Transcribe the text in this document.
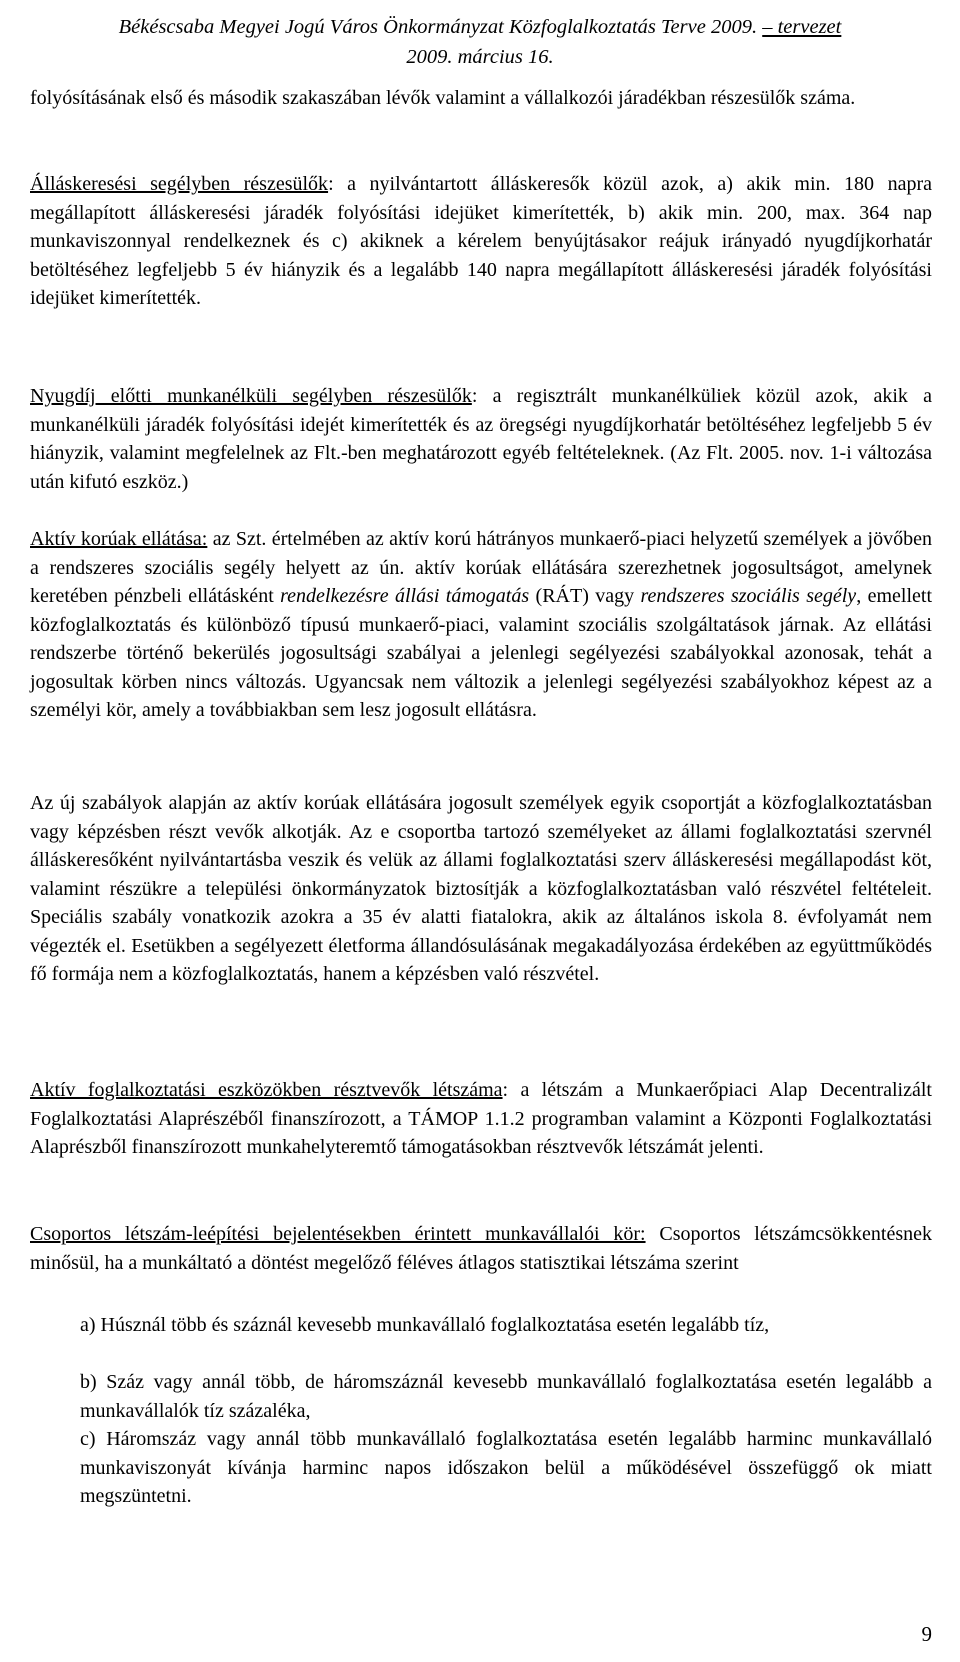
Békéscsaba Megyei Jogú Város Önkormányzat Közfoglalkoztatás Terve 2009. – tervezet
2009. március 16.

folyósításának első és második szakaszában lévők valamint a vállalkozói járadékban részesülők száma.

Álláskeresési segélyben részesülők: a nyilvántartott álláskeresők közül azok, a) akik min. 180 napra megállapított álláskeresési járadék folyósítási idejüket kimerítették, b) akik min. 200, max. 364 nap munkaviszonnyal rendelkeznek és c) akiknek a kérelem benyújtásakor reájuk irányadó nyugdíjkorhatár betöltéséhez legfeljebb 5 év hiányzik és a legalább 140 napra megállapított álláskeresési járadék folyósítási idejüket kimerítették.

Nyugdíj előtti munkanélküli segélyben részesülők: a regisztrált munkanélküliek közül azok, akik a munkanélküli járadék folyósítási idejét kimerítették és az öregségi nyugdíjkorhatár betöltéséhez legfeljebb 5 év hiányzik, valamint megfelelnek az Flt.-ben meghatározott egyéb feltételeknek. (Az Flt. 2005. nov. 1-i változása után kifutó eszköz.)

Aktív korúak ellátása: az Szt. értelmében az aktív korú hátrányos munkaerő-piaci helyzetű személyek a jövőben a rendszeres szociális segély helyett az ún. aktív korúak ellátására szerezhetnek jogosultságot, amelynek keretében pénzbeli ellátásként rendelkezésre állási támogatás (RÁT) vagy rendszeres szociális segély, emellett közfoglalkoztatás és különböző típusú munkaerő-piaci, valamint szociális szolgáltatások járnak. Az ellátási rendszerbe történő bekerülés jogosultsági szabályai a jelenlegi segélyezési szabályokkal azonosak, tehát a jogosultak körben nincs változás. Ugyancsak nem változik a jelenlegi segélyezési szabályokhoz képest az a személyi kör, amely a továbbiakban sem lesz jogosult ellátásra.

Az új szabályok alapján az aktív korúak ellátására jogosult személyek egyik csoportját a közfoglalkoztatásban vagy képzésben részt vevők alkotják. Az e csoportba tartozó személyeket az állami foglalkoztatási szervnél álláskeresőként nyilvántartásba veszik és velük az állami foglalkoztatási szerv álláskeresési megállapodást köt, valamint részükre a települési önkormányzatok biztosítják a közfoglalkoztatásban való részvétel feltételeit. Speciális szabály vonatkozik azokra a 35 év alatti fiatalokra, akik az általános iskola 8. évfolyamát nem végezték el. Esetükben a segélyezett életforma állandósulásának megakadályozása érdekében az együttműködés fő formája nem a közfoglalkoztatás, hanem a képzésben való részvétel.

Aktív foglalkoztatási eszközökben résztvevők létszáma: a létszám a Munkaerőpiaci Alap Decentralizált Foglalkoztatási Alaprészéből finanszírozott, a TÁMOP 1.1.2 programban valamint a Központi Foglalkoztatási Alaprészből finanszírozott munkahelyteremtő támogatásokban résztvevők létszámát jelenti.

Csoportos létszám-leépítési bejelentésekben érintett munkavállalói kör: Csoportos létszámcsökkentésnek minősül, ha a munkáltató a döntést megelőző féléves átlagos statisztikai létszáma szerint

a) Húsznál több és száznál kevesebb munkavállaló foglalkoztatása esetén legalább tíz,

b) Száz vagy annál több, de háromszáznál kevesebb munkavállaló foglalkoztatása esetén legalább a munkavállalók tíz százaléka,

c) Háromszáz vagy annál több munkavállaló foglalkoztatása esetén legalább harminc munkavállaló munkaviszonyát kívánja harminc napos időszakon belül a működésével összefüggő ok miatt megszüntetni.

9
